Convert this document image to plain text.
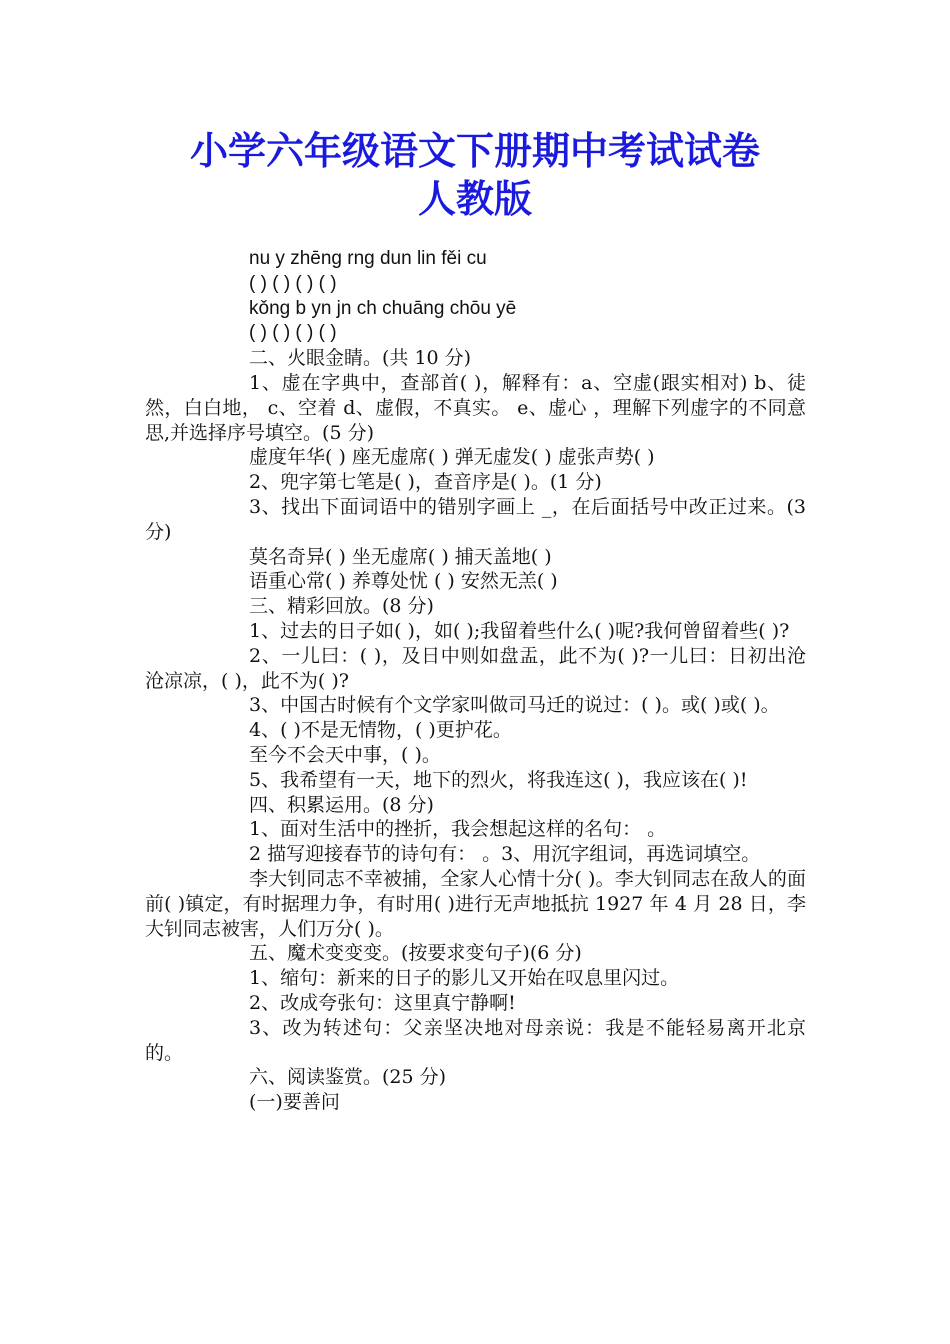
小学六年级语文下册期中考试试卷
人教版
nu y zhēng rng dun lin fěi cu
( ) ( ) ( ) ( )
kǒng b yn jn ch chuāng chōu yē
( ) ( ) ( ) ( )
二、火眼金睛。(共 10 分)
1、虚在字典中，查部首( )，解释有：a、空虚(跟实相对) b、徒然，白白地， c、空着 d、虚假，不真实。 e、虚心 ，理解下列虚字的不同意思,并选择序号填空。(5 分)
虚度年华( ) 座无虚席( ) 弹无虚发( ) 虚张声势( )
2、兜字第七笔是( )，查音序是( )。(1 分)
3、找出下面词语中的错别字画上 _，在后面括号中改正过来。(3 分)
莫名奇异( ) 坐无虚席( ) 捕天盖地( )
语重心常( ) 养尊处忧 ( ) 安然无羔( )
三、精彩回放。(8 分)
1、过去的日子如( )，如( );我留着些什么( )呢?我何曾留着些( )?
2、一儿曰：( )，及日中则如盘盂，此不为( )?一儿曰：日初出沧沧凉凉，( )，此不为( )?
3、中国古时候有个文学家叫做司马迁的说过：( )。或( )或( )。
4、( )不是无情物，( )更护花。
至今不会天中事，( )。
5、我希望有一天，地下的烈火，将我连这( )，我应该在( )!
四、积累运用。(8 分)
1、面对生活中的挫折，我会想起这样的名句： 。
2 描写迎接春节的诗句有： 。3、用沉字组词，再选词填空。
李大钊同志不幸被捕，全家人心情十分( )。李大钊同志在敌人的面前( )镇定，有时据理力争，有时用( )进行无声地抵抗 1927 年 4 月 28 日，李大钊同志被害，人们万分( )。
五、魔术变变变。(按要求变句子)(6 分)
1、缩句：新来的日子的影儿又开始在叹息里闪过。
2、改成夸张句：这里真宁静啊!
3、改为转述句：父亲坚决地对母亲说：我是不能轻易离开北京的。
六、阅读鉴赏。(25 分)
(一)要善问
